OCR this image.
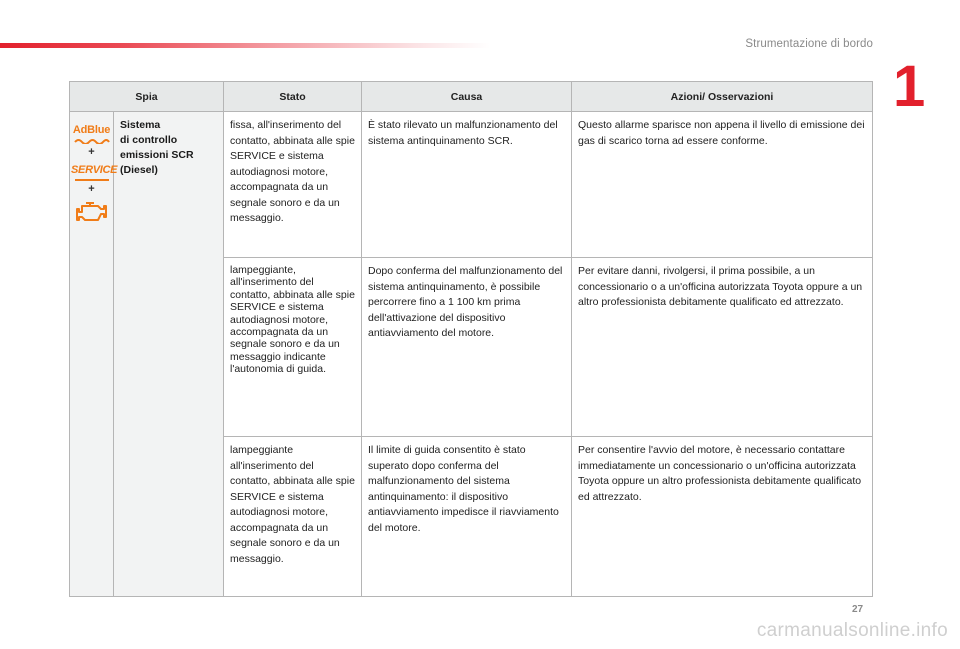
Strumentazione di bordo
1
Spia		Stato	Causa	Azioni/ Osservazioni
AdBlue
+
SERVICE
+	Sistema
di controllo
emissioni SCR
(Diesel)	fissa, all'inserimento del contatto, abbinata alle spie SERVICE e sistema autodiagnosi motore, accompagnata da un segnale sonoro e da un messaggio.	È stato rilevato un malfunzionamento del sistema antinquinamento SCR.	Questo allarme sparisce non appena il livello di emissione dei gas di scarico torna ad essere conforme.
		lampeggiante, all'inserimento del contatto, abbinata alle spie SERVICE e sistema autodiagnosi motore, accompagnata da un segnale sonoro e da un messaggio indicante l'autonomia di guida.	Dopo conferma del malfunzionamento del sistema antinquinamento, è possibile percorrere fino a 1 100 km prima dell'attivazione del dispositivo antiavviamento del motore.	Per evitare danni, rivolgersi, il prima possibile, a un concessionario o a un'officina autorizzata Toyota oppure a un altro professionista debitamente qualificato ed attrezzato.
		lampeggiante all'inserimento del contatto, abbinata alle spie SERVICE e sistema autodiagnosi motore, accompagnata da un segnale sonoro e da un messaggio.	Il limite di guida consentito è stato superato dopo conferma del malfunzionamento del sistema antinquinamento: il dispositivo antiavviamento impedisce il riavviamento del motore.	Per consentire l'avvio del motore, è necessario contattare immediatamente un concessionario o un'officina autorizzata Toyota oppure un altro professionista debitamente qualificato ed attrezzato.
27
carmanualsonline.info
